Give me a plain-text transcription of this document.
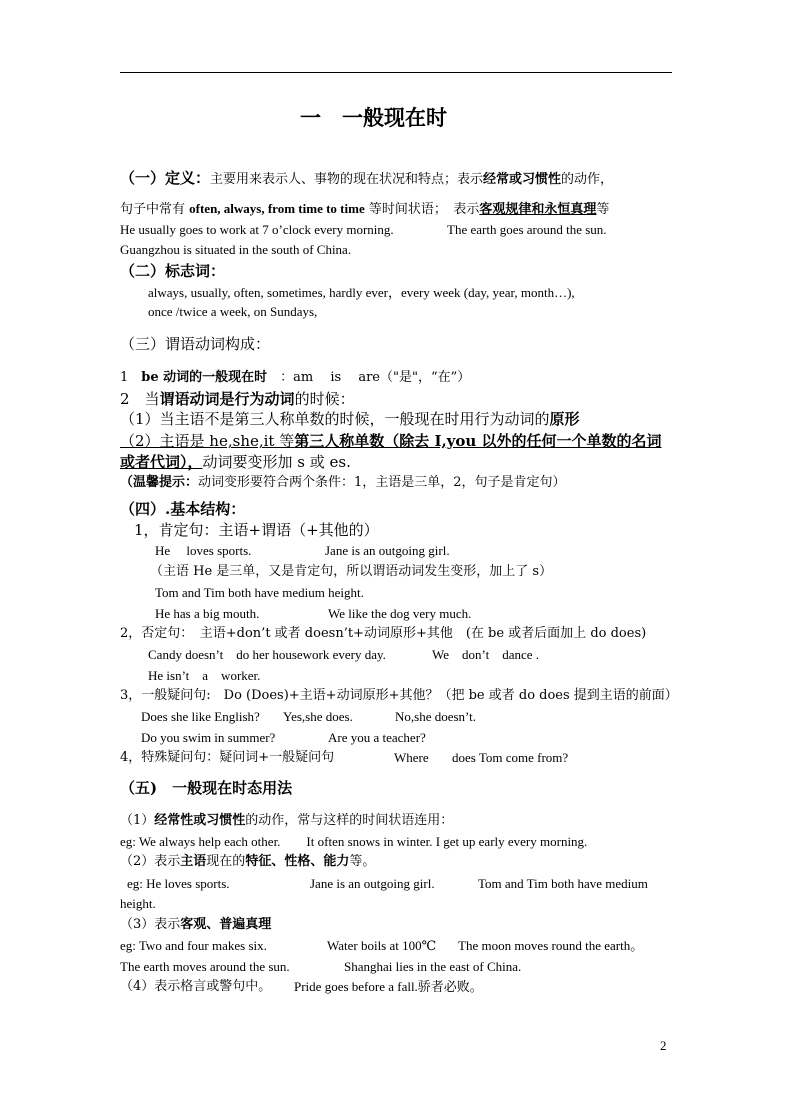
一　一般现在时
（一）定义：主要用来表示人、事物的现在状况和特点；表示经常或习惯性的动作，
句子中常有 often, always, from time to time 等时间状语；　表示客观规律和永恒真理等
He usually goes to work at 7 o’clock every morning.	The earth goes around the sun.
Guangzhou is situated in the south of China.
（二）标志词：
always, usually, often, sometimes, hardly ever，every week (day, year, month…),
once /twice a week, on Sundays,
（三）谓语动词构成：
1　be 动词的一般现在时　：am　 is　 are（"是"，“在”）
2　当谓语动词是行为动词的时候：
（1）当主语不是第三人称单数的时候，一般现在时用行为动词的原形
（2）主语是 he,she,it 等第三人称单数（除去 I,you 以外的任何一个单数的名词
或者代词），动词要变形加 s 或 es.
（温馨提示：动词变形要符合两个条件：1，主语是三单，2，句子是肯定句）
（四）.基本结构：
1，肯定句：主语+谓语（+其他的）
He　 loves sports.	Jane is an outgoing girl.
（主语 He 是三单，又是肯定句，所以谓语动词发生变形，加上了 s）
Tom and Tim both have medium height.
He has a big mouth.	We like the dog very much.
2，否定句：　主语+don’t 或者 doesn’t+动词原形+其他　(在 be 或者后面加上 do does)
Candy doesn’t　do her housework every day.	We　don’t　dance .
He isn’t　a　worker.
3，一般疑问句:　Do (Does)+主语+动词原形+其他？（把 be 或者 do does 提到主语的前面）
Does she like English? Yes,she does.	No,she doesn’t.
Do you swim in summer?	Are you a teacher?
4，特殊疑问句：疑问词+一般疑问句	Where does Tom come from?
（五)　一般现在时态用法
（1）经常性或习惯性的动作，常与这样的时间状语连用：
eg: We always help each other.　　It often snows in winter. I get up early every morning.
（2）表示主语现在的特征、性格、能力等。
eg: He loves sports.	Jane is an outgoing girl.	Tom and Tim both have medium
height.
（3）表示客观、普遍真理
eg: Two and four makes six.	Water boils at 100℃ The moon moves round the earth。
The earth moves around the sun.	Shanghai lies in the east of China.
（4）表示格言或警句中。 Pride goes before a fall.骄者必败。
2
